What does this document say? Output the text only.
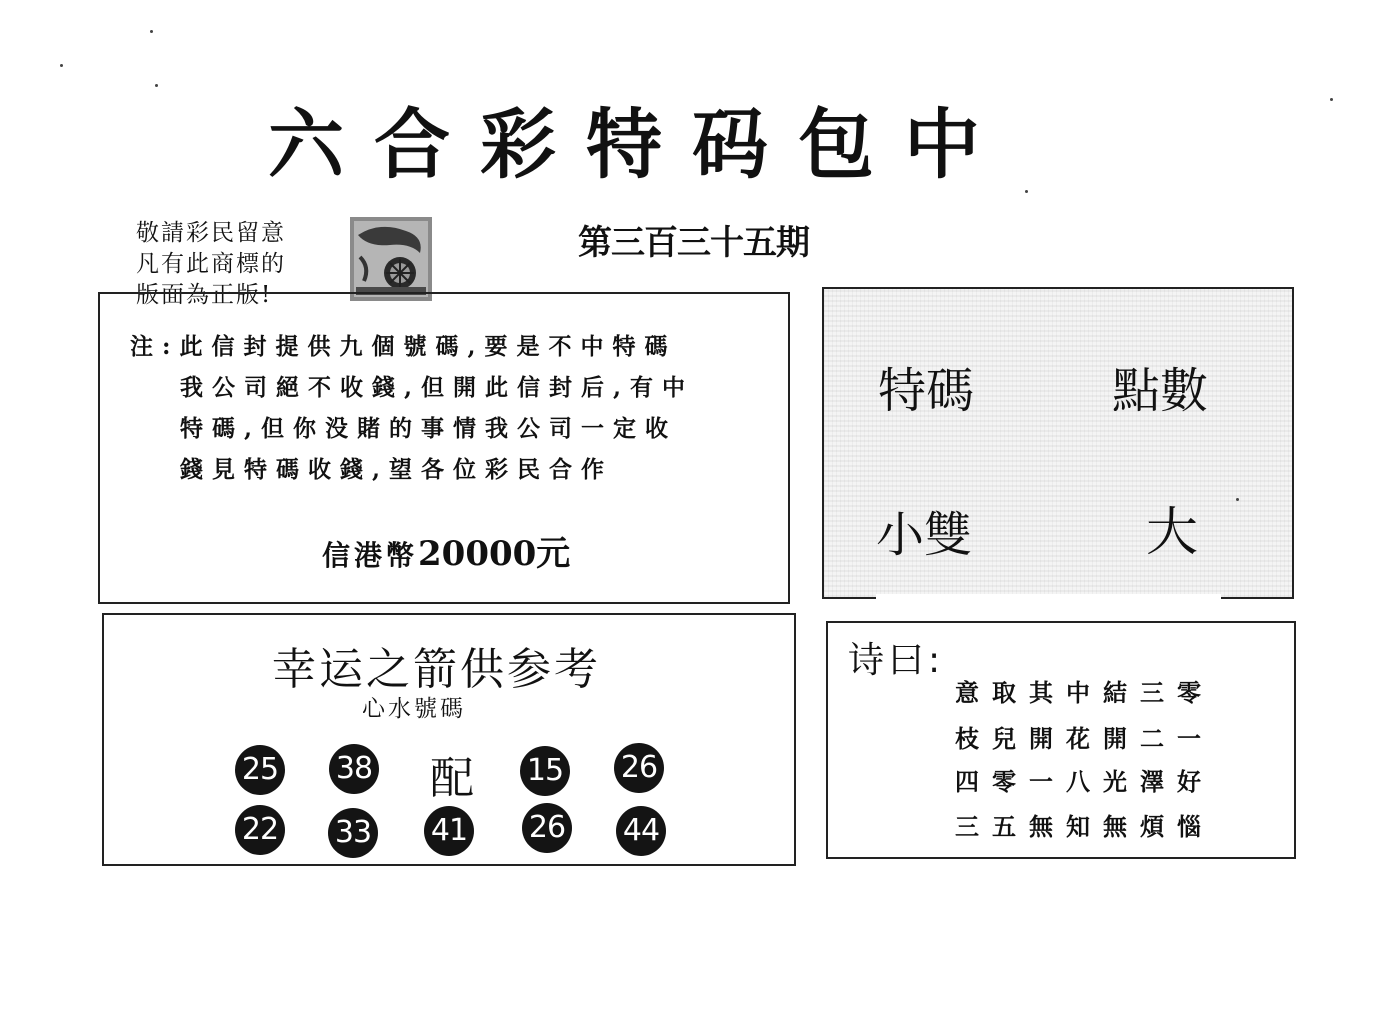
六合彩特码包中
第三百三十五期
敬請彩民留意
凡有此商標的
版面為正版!
注:此信封提供九個號碼,要是不中特碼
我公司絕不收錢,但開此信封后,有中
特碼,但你没賭的事情我公司一定收
錢見特碼收錢,望各位彩民合作
信港幣20000元
特碼	點數
小雙	大
幸运之箭供参考
心水號碼
25 38 配 15 26
22 33 41 26 44
诗曰:
意取其中結三零
枝兒開花開二一
四零一八光澤好
三五無知無煩惱
